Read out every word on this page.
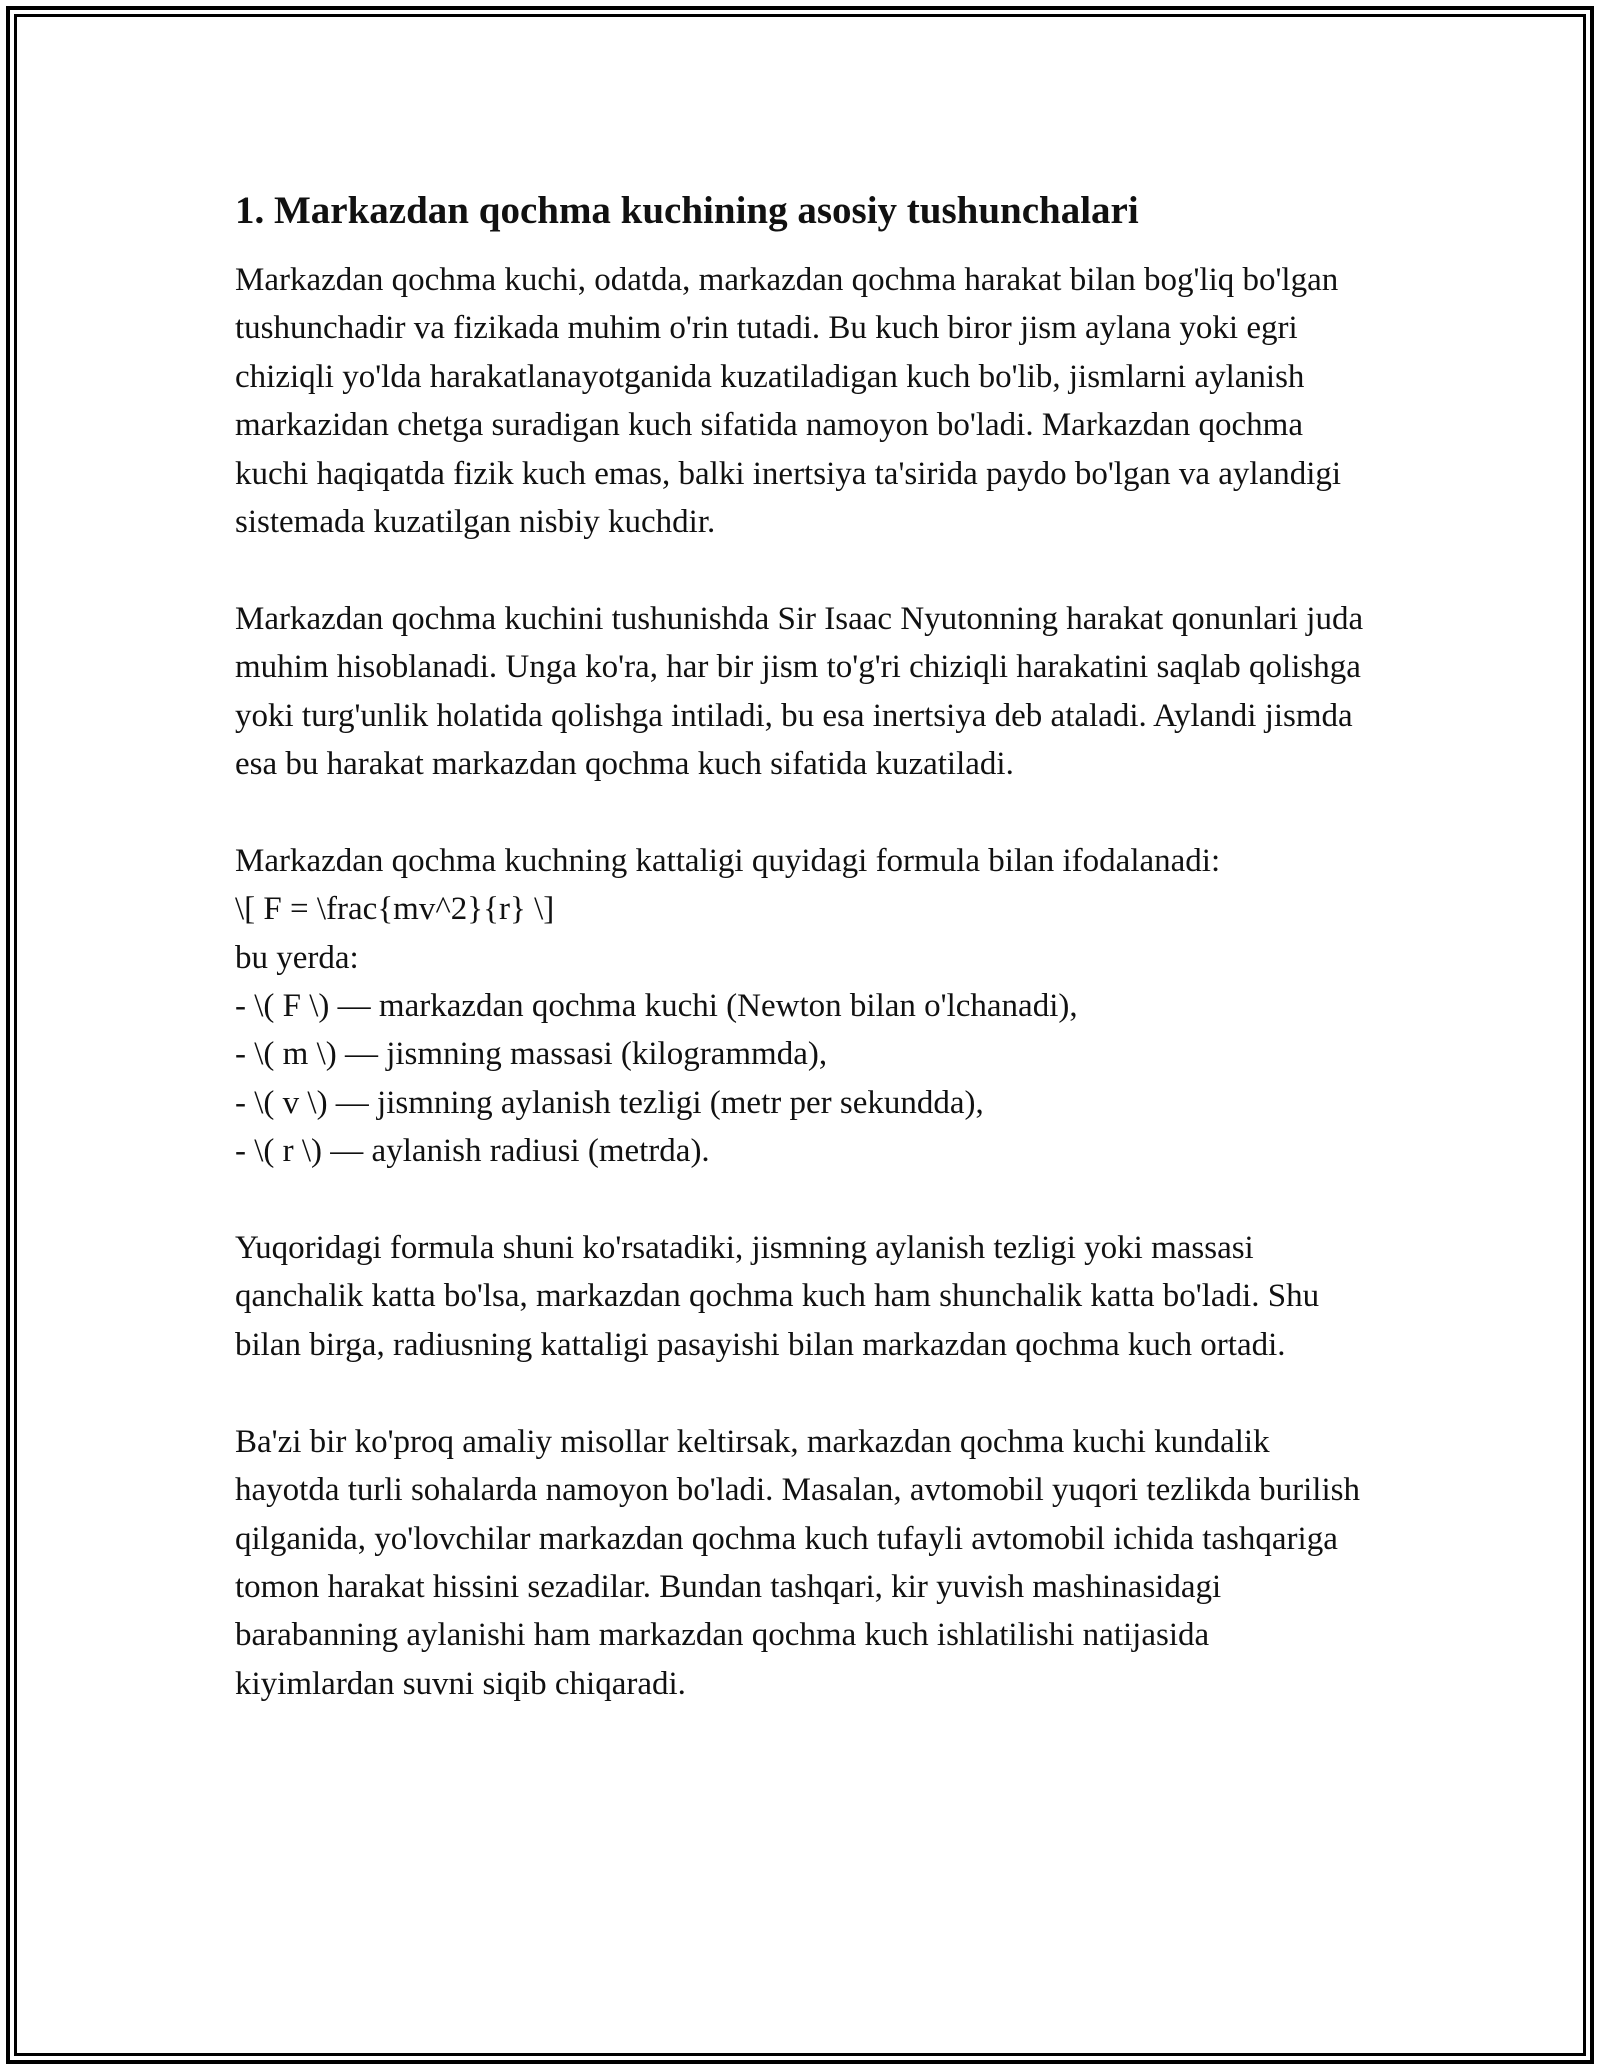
1. Markazdan qochma kuchining asosiy tushunchalari

Markazdan qochma kuchi, odatda, markazdan qochma harakat bilan bog'liq bo'lgan tushunchadir va fizikada muhim o'rin tutadi. Bu kuch biror jism aylana yoki egri chiziqli yo'lda harakatlanayotganida kuzatiladigan kuch bo'lib, jismlarni aylanish markazidan chetga suradigan kuch sifatida namoyon bo'ladi. Markazdan qochma kuchi haqiqatda fizik kuch emas, balki inertsiya ta'sirida paydo bo'lgan va aylandigi sistemada kuzatilgan nisbiy kuchdir.

Markazdan qochma kuchini tushunishda Sir Isaac Nyutonning harakat qonunlari juda muhim hisoblanadi. Unga ko'ra, har bir jism to'g'ri chiziqli harakatini saqlab qolishga yoki turg'unlik holatida qolishga intiladi, bu esa inertsiya deb ataladi. Aylandi jismda esa bu harakat markazdan qochma kuch sifatida kuzatiladi.

Markazdan qochma kuchning kattaligi quyidagi formula bilan ifodalanadi:
\[ F = \frac{mv^2}{r} \]
bu yerda:
- \( F \) — markazdan qochma kuchi (Newton bilan o'lchanadi),
- \( m \) — jismning massasi (kilogrammda),
- \( v \) — jismning aylanish tezligi (metr per sekundda),
- \( r \) — aylanish radiusi (metrda).

Yuqoridagi formula shuni ko'rsatadiki, jismning aylanish tezligi yoki massasi qanchalik katta bo'lsa, markazdan qochma kuch ham shunchalik katta bo'ladi. Shu bilan birga, radiusning kattaligi pasayishi bilan markazdan qochma kuch ortadi.

Ba'zi bir ko'proq amaliy misollar keltirsak, markazdan qochma kuchi kundalik hayotda turli sohalarda namoyon bo'ladi. Masalan, avtomobil yuqori tezlikda burilish qilganida, yo'lovchilar markazdan qochma kuch tufayli avtomobil ichida tashqariga tomon harakat hissini sezadilar. Bundan tashqari, kir yuvish mashinasidagi barabanning aylanishi ham markazdan qochma kuch ishlatilishi natijasida kiyimlardan suvni siqib chiqaradi.
